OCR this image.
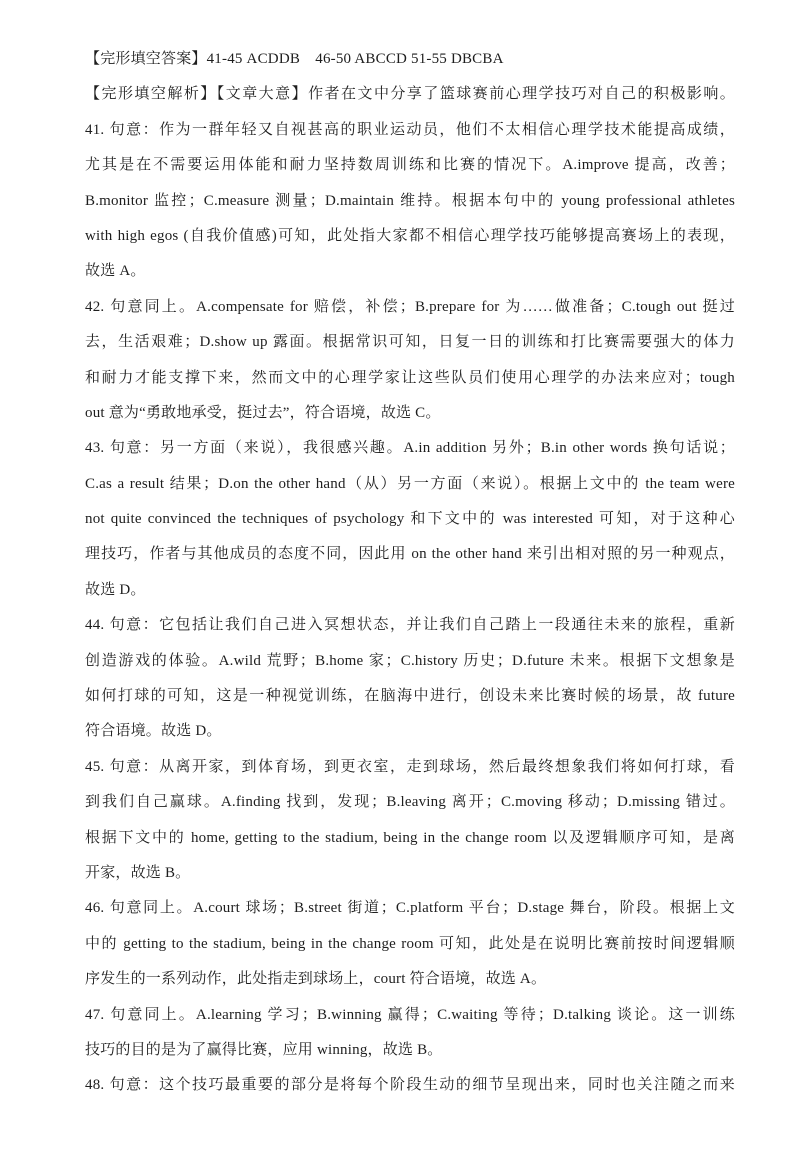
【完形填空答案】41-45 ACDDB 46-50 ABCCD 51-55 DBCBA
【完形填空解析】【文章大意】作者在文中分享了篮球赛前心理学技巧对自己的积极影响。
41. 句意：作为一群年轻又自视甚高的职业运动员，他们不太相信心理学技术能提高成绩，
尤其是在不需要运用体能和耐力坚持数周训练和比赛的情况下。A.improve 提高，改善；
B.monitor 监控；C.measure 测量；D.maintain 维持。根据本句中的 young professional athletes
with high egos (自我价值感)可知，此处指大家都不相信心理学技巧能够提高赛场上的表现，
故选 A。
42. 句意同上。A.compensate for 赔偿，补偿；B.prepare for 为……做准备；C.tough out 挺过
去，生活艰难；D.show up 露面。根据常识可知，日复一日的训练和打比赛需要强大的体力
和耐力才能支撑下来，然而文中的心理学家让这些队员们使用心理学的办法来应对；tough
out 意为“勇敢地承受，挺过去”，符合语境，故选 C。
43. 句意：另一方面（来说），我很感兴趣。A.in addition 另外；B.in other words 换句话说；
C.as a result 结果；D.on the other hand（从）另一方面（来说）。根据上文中的 the team were
not quite convinced the techniques of psychology 和下文中的 was interested 可知，对于这种心
理技巧，作者与其他成员的态度不同，因此用 on the other hand 来引出相对照的另一种观点，
故选 D。
44. 句意：它包括让我们自己进入冥想状态，并让我们自己踏上一段通往未来的旅程，重新
创造游戏的体验。A.wild 荒野；B.home 家；C.history 历史；D.future 未来。根据下文想象是
如何打球的可知，这是一种视觉训练，在脑海中进行，创设未来比赛时候的场景，故 future
符合语境。故选 D。
45. 句意：从离开家，到体育场，到更衣室，走到球场，然后最终想象我们将如何打球，看
到我们自己赢球。A.finding 找到，发现；B.leaving 离开；C.moving 移动；D.missing 错过。
根据下文中的 home, getting to the stadium, being in the change room 以及逻辑顺序可知，是离
开家，故选 B。
46. 句意同上。A.court 球场；B.street 街道；C.platform 平台；D.stage 舞台，阶段。根据上文
中的 getting to the stadium, being in the change room 可知，此处是在说明比赛前按时间逻辑顺
序发生的一系列动作，此处指走到球场上，court 符合语境，故选 A。
47. 句意同上。A.learning 学习；B.winning 赢得；C.waiting 等待；D.talking 谈论。这一训练
技巧的目的是为了赢得比赛，应用 winning，故选 B。
48. 句意：这个技巧最重要的部分是将每个阶段生动的细节呈现出来，同时也关注随之而来
